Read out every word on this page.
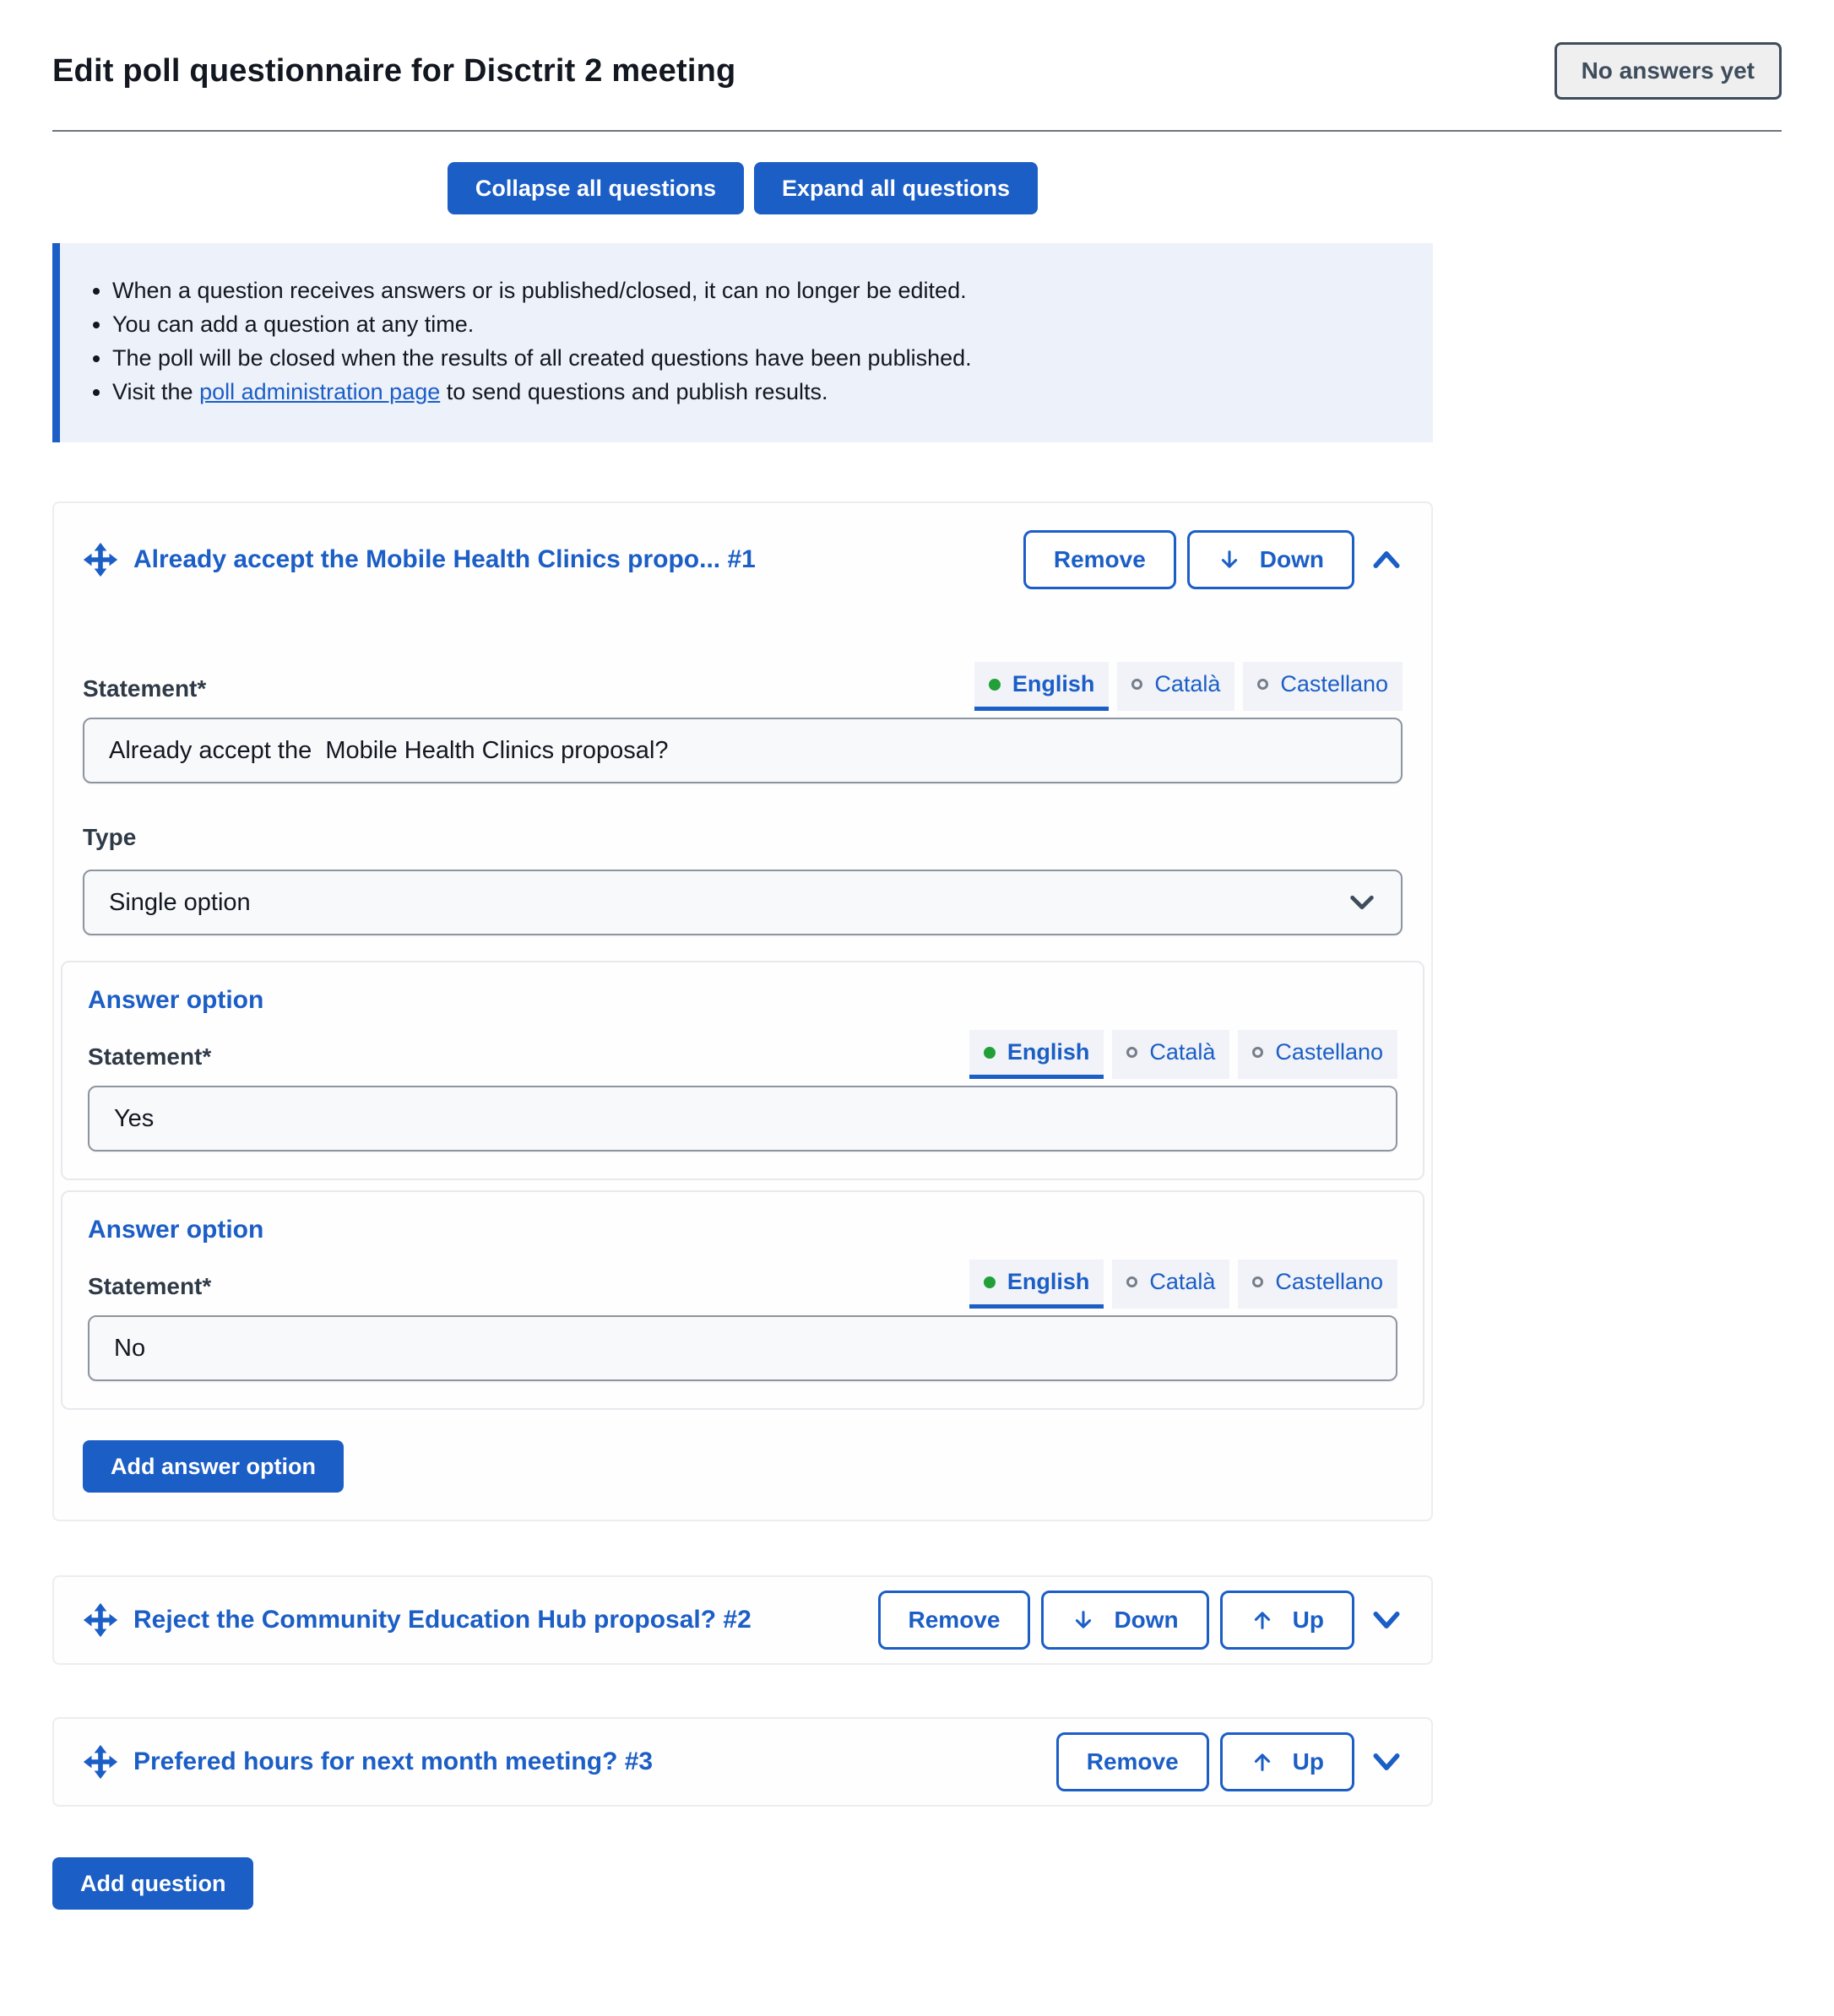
Edit poll questionnaire for Disctrit 2 meeting	No answers yet
Collapse all questions	Expand all questions
• When a question receives answers or is published/closed, it can no longer be edited.
• You can add a question at any time.
• The poll will be closed when the results of all created questions have been published.
• Visit the poll administration page to send questions and publish results.
Already accept the Mobile Health Clinics propo... #1	Remove	Down
Statement*	English	Català	Castellano
Already accept the Mobile Health Clinics proposal?
Type
Single option
Answer option
Statement*	English	Català	Castellano
Yes
Answer option
Statement*	English	Català	Castellano
No
Add answer option
Reject the Community Education Hub proposal? #2	Remove	Down	Up
Prefered hours for next month meeting? #3	Remove	Up
Add question
